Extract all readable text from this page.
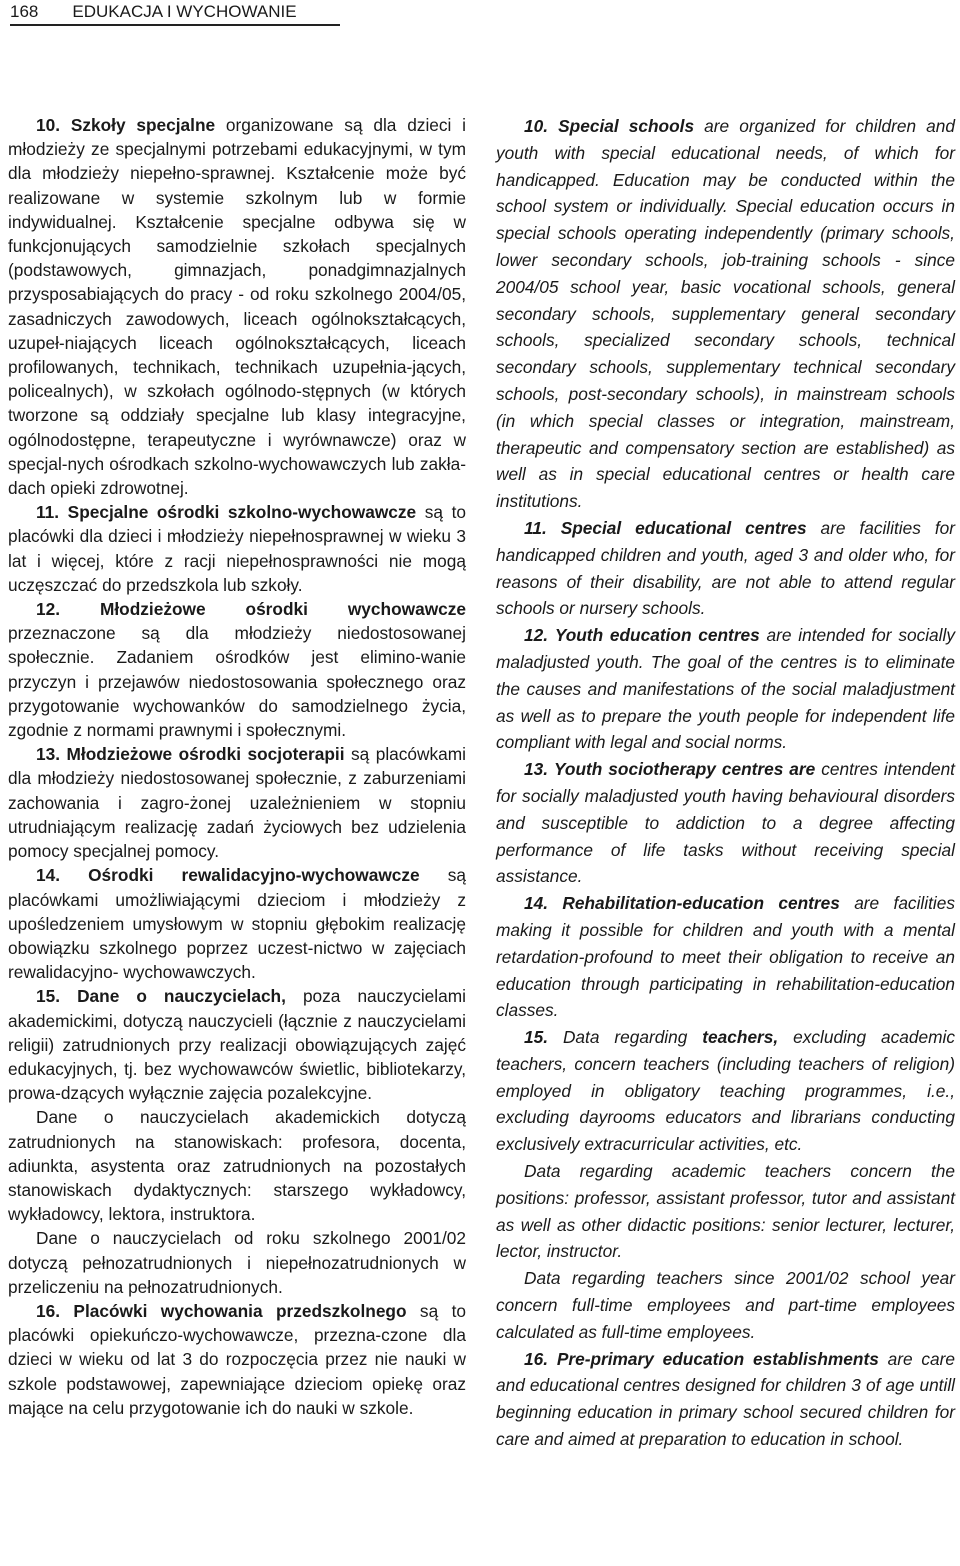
168 EDUKACJA I WYCHOWANIE

10. Szkoły specjalne organizowane są dla dzieci i młodzieży ze specjalnymi potrzebami edukacyjnymi, w tym dla młodzieży niepełno-sprawnej. Kształcenie może być realizowane w systemie szkolnym lub w formie indywidualnej. Kształcenie specjalne odbywa się w funkcjonujących samodzielnie szkołach specjalnych (podstawowych, gimnazjach, ponadgimnazjalnych przysposabiających do pracy - od roku szkolnego 2004/05, zasadniczych zawodowych, liceach ogólnokształcących, uzupeł-niających liceach ogólnokształcących, liceach profilowanych, technikach, technikach uzupełnia-jących, policealnych), w szkołach ogólnodo-stępnych (w których tworzone są oddziały specjalne lub klasy integracyjne, ogólnodostępne, terapeutyczne i wyrównawcze) oraz w specjal-nych ośrodkach szkolno-wychowawczych lub zakła-dach opieki zdrowotnej.

11. Specjalne ośrodki szkolno-wychowawcze są to placówki dla dzieci i młodzieży niepełnosprawnej w wieku 3 lat i więcej, które z racji niepełnosprawności nie mogą uczęszczać do przedszkola lub szkoły.

12. Młodzieżowe ośrodki wychowawcze przeznaczone są dla młodzieży niedostosowanej społecznie. Zadaniem ośrodków jest elimino-wanie przyczyn i przejawów niedostosowania społecznego oraz przygotowanie wychowanków do samodzielnego życia, zgodnie z normami prawnymi i społecznymi.

13. Młodzieżowe ośrodki socjoterapii są placówkami dla młodzieży niedostosowanej społecznie, z zaburzeniami zachowania i zagro-żonej uzależnieniem w stopniu utrudniającym realizację zadań życiowych bez udzielenia pomocy specjalnej pomocy.

14. Ośrodki rewalidacyjno-wychowawcze są placówkami umożliwiającymi dzieciom i młodzieży z upośledzeniem umysłowym w stopniu głębokim realizację obowiązku szkolnego poprzez uczest-nictwo w zajęciach rewalidacyjno- wychowawczych.

15. Dane o nauczycielach, poza nauczycielami akademickimi, dotyczą nauczycieli (łącznie z nauczycielami religii) zatrudnionych przy realizacji obowiązujących zajęć edukacyjnych, tj. bez wychowawców świetlic, bibliotekarzy, prowa-dzących wyłącznie zajęcia pozalekcyjne.

Dane o nauczycielach akademickich dotyczą zatrudnionych na stanowiskach: profesora, docenta, adiunkta, asystenta oraz zatrudnionych na pozostałych stanowiskach dydaktycznych: starszego wykładowcy, wykładowcy, lektora, instruktora.

Dane o nauczycielach od roku szkolnego 2001/02 dotyczą pełnozatrudnionych i niepełnozatrudnionych w przeliczeniu na pełnozatrudnionych.

16. Placówki wychowania przedszkolnego są to placówki opiekuńczo-wychowawcze, przezna-czone dla dzieci w wieku od lat 3 do rozpoczęcia przez nie nauki w szkole podstawowej, zapewniające dzieciom opiekę oraz mające na celu przygotowanie ich do nauki w szkole.

10. Special schools are organized for children and youth with special educational needs, of which for handicapped. Education may be conducted within the school system or individually. Special education occurs in special schools operating independently (primary schools, lower secondary schools, job-training schools - since 2004/05 school year, basic vocational schools, general secondary schools, supplementary general secondary schools, specialized secondary schools, technical secondary schools, supplementary technical secondary schools, post-secondary schools), in mainstream schools (in which special classes or integration, mainstream, therapeutic and compensatory section are established) as well as in special educational centres or health care institutions.

11. Special educational centres are facilities for handicapped children and youth, aged 3 and older who, for reasons of their disability, are not able to attend regular schools or nursery schools.

12. Youth education centres are intended for socially maladjusted youth. The goal of the centres is to eliminate the causes and manifestations of the social maladjustment as well as to prepare the youth people for independent life compliant with legal and social norms.

13. Youth sociotherapy centres are centres intendent for socially maladjusted youth having behavioural disorders and susceptible to addiction to a degree affecting performance of life tasks without receiving special assistance.

14. Rehabilitation-education centres are facilities making it possible for children and youth with a mental retardation-profound to meet their obligation to receive an education through participating in rehabilitation-education classes.

15. Data regarding teachers, excluding academic teachers, concern teachers (including teachers of religion) employed in obligatory teaching programmes, i.e., excluding dayrooms educators and librarians conducting exclusively extracurricular activities, etc.

Data regarding academic teachers concern the positions: professor, assistant professor, tutor and assistant as well as other didactic positions: senior lecturer, lecturer, lector, instructor.

Data regarding teachers since 2001/02 school year concern full-time employees and part-time employees calculated as full-time employees.

16. Pre-primary education establishments are care and educational centres designed for children 3 of age untill beginning education in primary school secured children for care and aimed at preparation to education in school.
